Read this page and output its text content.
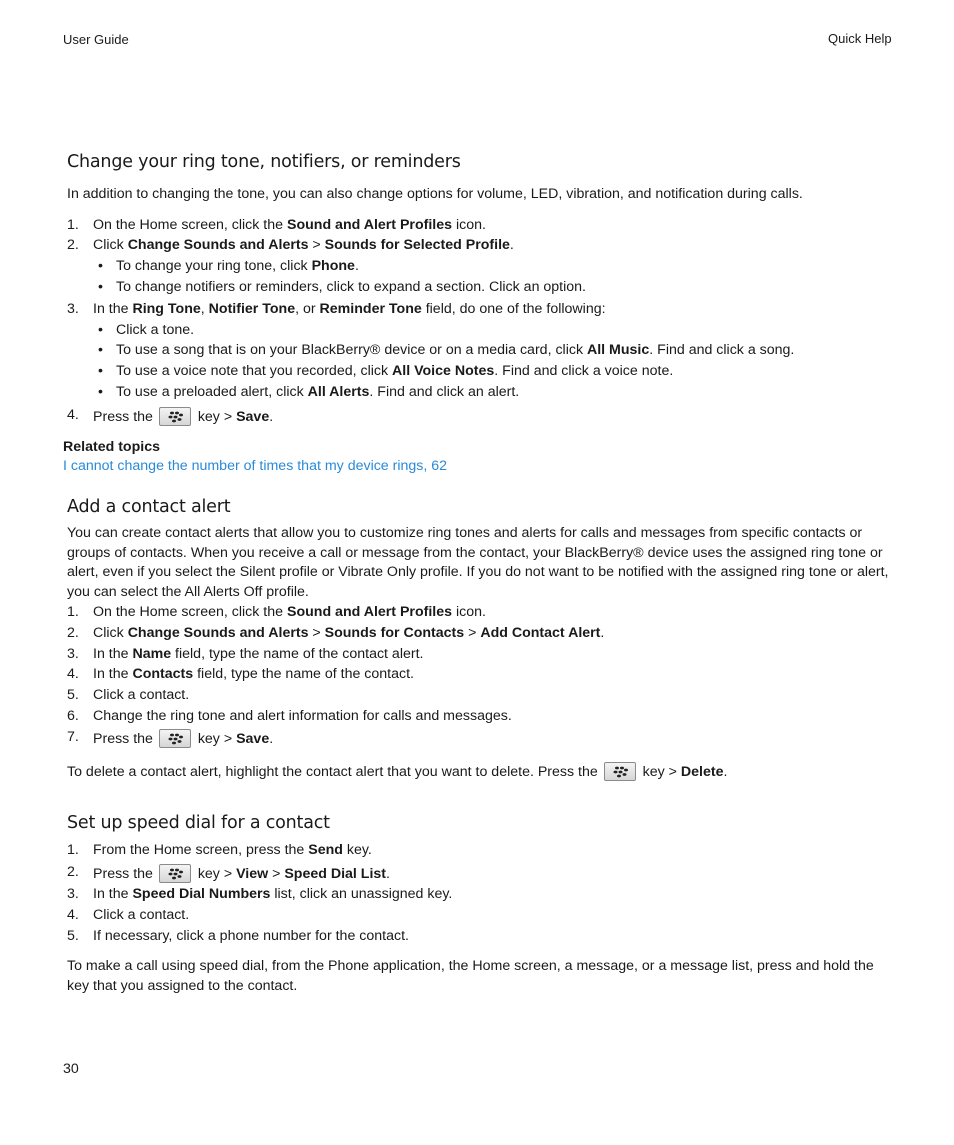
User Guide	Quick Help
Change your ring tone, notifiers, or reminders
In addition to changing the tone, you can also change options for volume, LED, vibration, and notification during calls.
1. On the Home screen, click the Sound and Alert Profiles icon.
2. Click Change Sounds and Alerts > Sounds for Selected Profile.
• To change your ring tone, click Phone.
• To change notifiers or reminders, click to expand a section. Click an option.
3. In the Ring Tone, Notifier Tone, or Reminder Tone field, do one of the following:
• Click a tone.
• To use a song that is on your BlackBerry® device or on a media card, click All Music. Find and click a song.
• To use a voice note that you recorded, click All Voice Notes. Find and click a voice note.
• To use a preloaded alert, click All Alerts. Find and click an alert.
4. Press the	key > Save.
Related topics
I cannot change the number of times that my device rings, 62
Add a contact alert
You can create contact alerts that allow you to customize ring tones and alerts for calls and messages from specific contacts or groups of contacts. When you receive a call or message from the contact, your BlackBerry® device uses the assigned ring tone or alert, even if you select the Silent profile or Vibrate Only profile. If you do not want to be notified with the assigned ring tone or alert, you can select the All Alerts Off profile.
1. On the Home screen, click the Sound and Alert Profiles icon.
2. Click Change Sounds and Alerts > Sounds for Contacts > Add Contact Alert.
3. In the Name field, type the name of the contact alert.
4. In the Contacts field, type the name of the contact.
5. Click a contact.
6. Change the ring tone and alert information for calls and messages.
7. Press the	key > Save.
To delete a contact alert, highlight the contact alert that you want to delete. Press the	key > Delete.
Set up speed dial for a contact
1. From the Home screen, press the Send key.
2. Press the	key > View > Speed Dial List.
3. In the Speed Dial Numbers list, click an unassigned key.
4. Click a contact.
5. If necessary, click a phone number for the contact.
To make a call using speed dial, from the Phone application, the Home screen, a message, or a message list, press and hold the key that you assigned to the contact.
30
